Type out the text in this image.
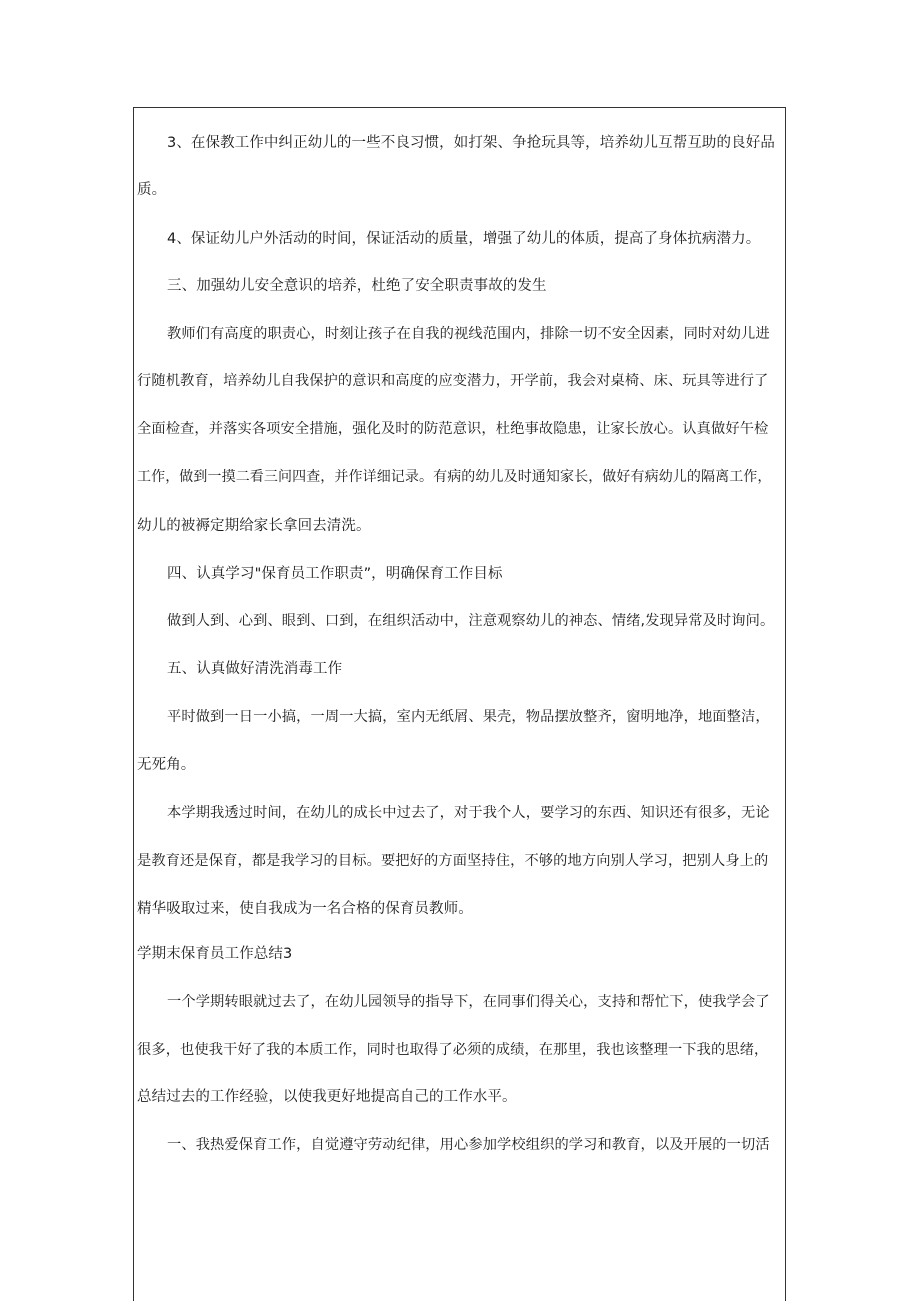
3、在保教工作中纠正幼儿的一些不良习惯，如打架、争抢玩具等，培养幼儿互帮互助的良好品
质。
4、保证幼儿户外活动的时间，保证活动的质量，增强了幼儿的体质，提高了身体抗病潜力。
三、加强幼儿安全意识的培养，杜绝了安全职责事故的发生
教师们有高度的职责心，时刻让孩子在自我的视线范围内，排除一切不安全因素，同时对幼儿进
行随机教育，培养幼儿自我保护的意识和高度的应变潜力，开学前，我会对桌椅、床、玩具等进行了
全面检查，并落实各项安全措施，强化及时的防范意识，杜绝事故隐患，让家长放心。认真做好午检
工作，做到一摸二看三问四查，并作详细记录。有病的幼儿及时通知家长，做好有病幼儿的隔离工作，
幼儿的被褥定期给家长拿回去清洗。
四、认真学习"保育员工作职责”，明确保育工作目标
做到人到、心到、眼到、口到，在组织活动中，注意观察幼儿的神态、情绪,发现异常及时询问。
五、认真做好清洗消毒工作
平时做到一日一小搞，一周一大搞，室内无纸屑、果壳，物品摆放整齐，窗明地净，地面整洁，
无死角。
本学期我透过时间，在幼儿的成长中过去了，对于我个人，要学习的东西、知识还有很多，无论
是教育还是保育，都是我学习的目标。要把好的方面坚持住，不够的地方向别人学习，把别人身上的
精华吸取过来，使自我成为一名合格的保育员教师。
学期末保育员工作总结3
一个学期转眼就过去了，在幼儿园领导的指导下，在同事们得关心，支持和帮忙下，使我学会了
很多，也使我干好了我的本质工作，同时也取得了必须的成绩，在那里，我也该整理一下我的思绪，
总结过去的工作经验，以使我更好地提高自己的工作水平。
一、我热爱保育工作，自觉遵守劳动纪律，用心参加学校组织的学习和教育，以及开展的一切活
